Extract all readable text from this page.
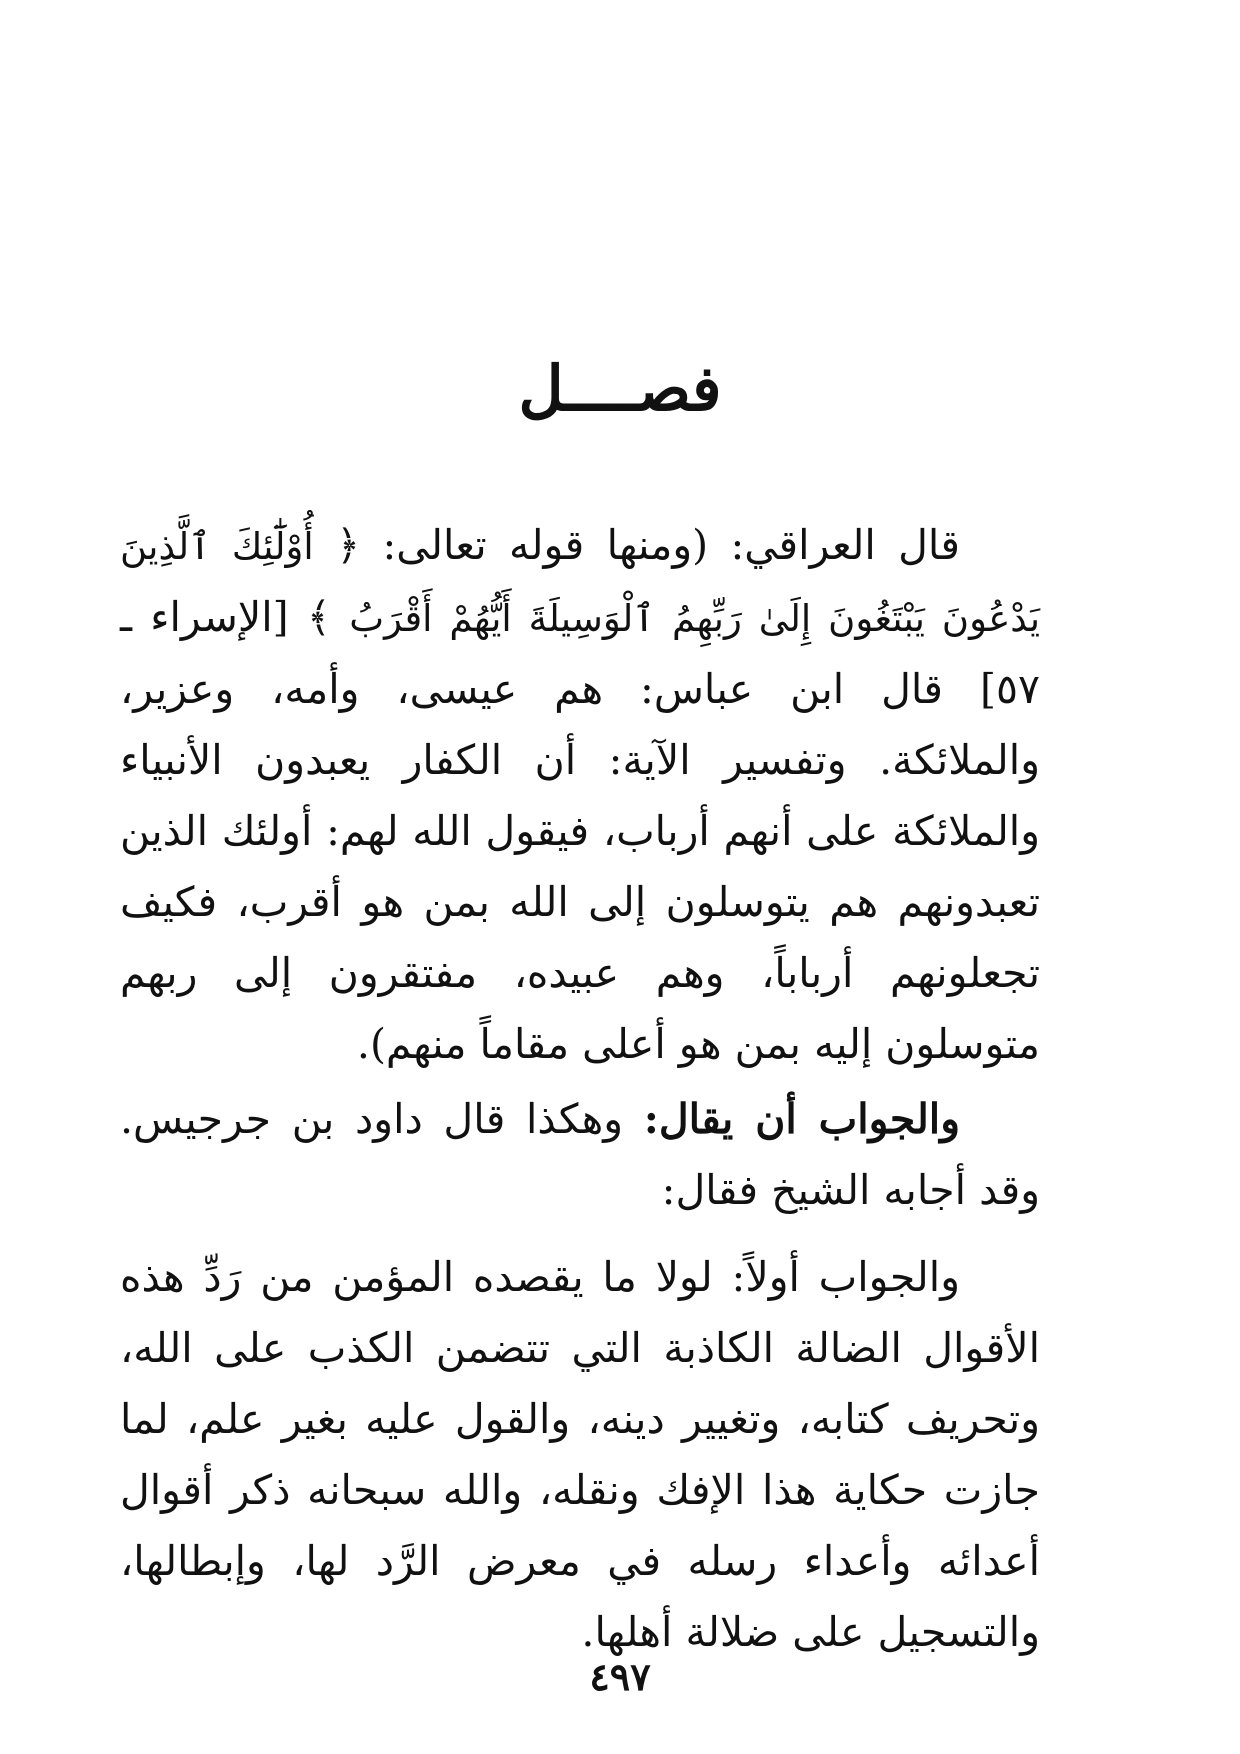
فصــــل

قال العراقي: (ومنها قوله تعالى: ﴿ أُوْلَٰٓئِكَ ٱلَّذِينَ يَدْعُونَ يَبْتَغُونَ إِلَىٰ رَبِّهِمُ ٱلْوَسِيلَةَ أَيُّهُمْ أَقْرَبُ ﴾ [الإسراء ـ ٥٧] قال ابن عباس: هم عيسى، وأمه، وعزير، والملائكة. وتفسير الآية: أن الكفار يعبدون الأنبياء والملائكة على أنهم أرباب، فيقول الله لهم: أولئك الذين تعبدونهم هم يتوسلون إلى الله بمن هو أقرب، فكيف تجعلونهم أرباباً، وهم عبيده، مفتقرون إلى ربهم متوسلون إليه بمن هو أعلى مقاماً منهم).

والجواب أن يقال: وهكذا قال داود بن جرجيس. وقد أجابه الشيخ فقال:

والجواب أولاً: لولا ما يقصده المؤمن من رَدِّ هذه الأقوال الضالة الكاذبة التي تتضمن الكذب على الله، وتحريف كتابه، وتغيير دينه، والقول عليه بغير علم، لما جازت حكاية هذا الإفك ونقله، والله سبحانه ذكر أقوال أعدائه وأعداء رسله في معرض الرَّد لها، وإبطالها، والتسجيل على ضلالة أهلها.

٤٩٧
